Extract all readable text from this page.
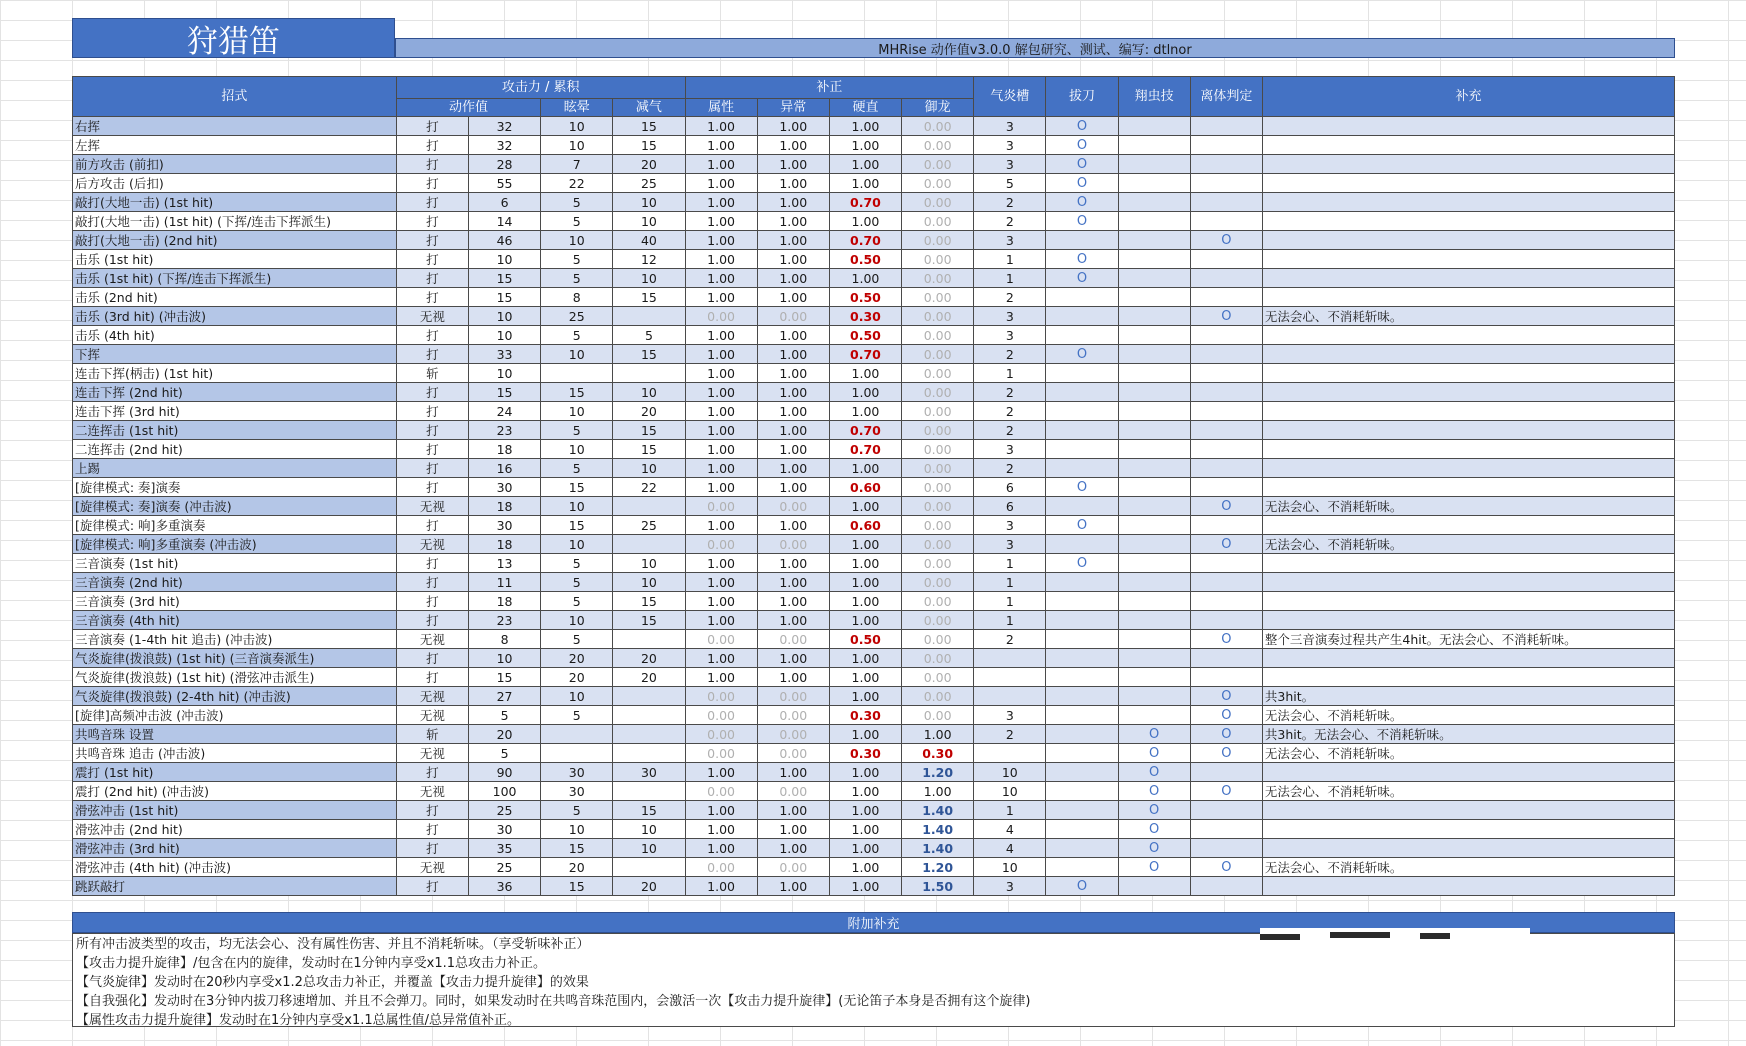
狩猎笛	MHRise 动作值v3.0.0 解包研究、测试、编写: dtlnor
招式	攻击力 / 累积				补正				气炎槽	拔刀	翔虫技	离体判定	补充
	动作值		眩晕	减气	属性	异常	硬直	御龙					
右挥	打	32	10	15	1.00	1.00	1.00	0.00	3	O			
左挥	打	32	10	15	1.00	1.00	1.00	0.00	3	O			
前方攻击 (前扣)	打	28	7	20	1.00	1.00	1.00	0.00	3	O			
后方攻击 (后扣)	打	55	22	25	1.00	1.00	1.00	0.00	5	O			
敲打(大地一击) (1st hit)	打	6	5	10	1.00	1.00	0.70	0.00	2	O			
敲打(大地一击) (1st hit) (下挥/连击下挥派生)	打	14	5	10	1.00	1.00	1.00	0.00	2	O			
敲打(大地一击) (2nd hit)	打	46	10	40	1.00	1.00	0.70	0.00	3			O	
击乐 (1st hit)	打	10	5	12	1.00	1.00	0.50	0.00	1	O			
击乐 (1st hit) (下挥/连击下挥派生)	打	15	5	10	1.00	1.00	1.00	0.00	1	O			
击乐 (2nd hit)	打	15	8	15	1.00	1.00	0.50	0.00	2				
击乐 (3rd hit) (冲击波)	无视	10	25		0.00	0.00	0.30	0.00	3			O	无法会心、不消耗斩味。
击乐 (4th hit)	打	10	5	5	1.00	1.00	0.50	0.00	3				
下挥	打	33	10	15	1.00	1.00	0.70	0.00	2	O			
连击下挥(柄击) (1st hit)	斩	10			1.00	1.00	1.00	0.00	1				
连击下挥 (2nd hit)	打	15	15	10	1.00	1.00	1.00	0.00	2				
连击下挥 (3rd hit)	打	24	10	20	1.00	1.00	1.00	0.00	2				
二连挥击 (1st hit)	打	23	5	15	1.00	1.00	0.70	0.00	2				
二连挥击 (2nd hit)	打	18	10	15	1.00	1.00	0.70	0.00	3				
上踢	打	16	5	10	1.00	1.00	1.00	0.00	2				
[旋律模式: 奏]演奏	打	30	15	22	1.00	1.00	0.60	0.00	6	O			
[旋律模式: 奏]演奏 (冲击波)	无视	18	10		0.00	0.00	1.00	0.00	6			O	无法会心、不消耗斩味。
[旋律模式: 响]多重演奏	打	30	15	25	1.00	1.00	0.60	0.00	3	O			
[旋律模式: 响]多重演奏 (冲击波)	无视	18	10		0.00	0.00	1.00	0.00	3			O	无法会心、不消耗斩味。
三音演奏 (1st hit)	打	13	5	10	1.00	1.00	1.00	0.00	1	O			
三音演奏 (2nd hit)	打	11	5	10	1.00	1.00	1.00	0.00	1				
三音演奏 (3rd hit)	打	18	5	15	1.00	1.00	1.00	0.00	1				
三音演奏 (4th hit)	打	23	10	15	1.00	1.00	1.00	0.00	1				
三音演奏 (1-4th hit 追击) (冲击波)	无视	8	5		0.00	0.00	0.50	0.00	2			O	整个三音演奏过程共产生4hit。无法会心、不消耗斩味。
气炎旋律(拨浪鼓) (1st hit) (三音演奏派生)	打	10	20	20	1.00	1.00	1.00	0.00					
气炎旋律(拨浪鼓) (1st hit) (滑弦冲击派生)	打	15	20	20	1.00	1.00	1.00	0.00					
气炎旋律(拨浪鼓) (2-4th hit) (冲击波)	无视	27	10		0.00	0.00	1.00	0.00				O	共3hit。
[旋律]高频冲击波 (冲击波)	无视	5	5		0.00	0.00	0.30	0.00	3			O	无法会心、不消耗斩味。
共鸣音珠 设置	斩	20			0.00	0.00	1.00	1.00	2		O	O	共3hit。无法会心、不消耗斩味。
共鸣音珠 追击 (冲击波)	无视	5			0.00	0.00	0.30	0.30			O	O	无法会心、不消耗斩味。
震打 (1st hit)	打	90	30	30	1.00	1.00	1.00	1.20	10		O		
震打 (2nd hit) (冲击波)	无视	100	30		0.00	0.00	1.00	1.00	10		O	O	无法会心、不消耗斩味。
滑弦冲击 (1st hit)	打	25	5	15	1.00	1.00	1.00	1.40	1		O		
滑弦冲击 (2nd hit)	打	30	10	10	1.00	1.00	1.00	1.40	4		O		
滑弦冲击 (3rd hit)	打	35	15	10	1.00	1.00	1.00	1.40	4		O		
滑弦冲击 (4th hit) (冲击波)	无视	25	20		0.00	0.00	1.00	1.20	10		O	O	无法会心、不消耗斩味。
跳跃敲打	打	36	15	20	1.00	1.00	1.00	1.50	3	O			
附加补充
所有冲击波类型的攻击，均无法会心、没有属性伤害、并且不消耗斩味。（享受斩味补正）
【攻击力提升旋律】/包含在内的旋律，发动时在1分钟内享受x1.1总攻击力补正。
【气炎旋律】发动时在20秒内享受x1.2总攻击力补正，并覆盖【攻击力提升旋律】的效果
【自我强化】发动时在3分钟内拔刀移速增加、并且不会弹刀。同时，如果发动时在共鸣音珠范围内，会激活一次【攻击力提升旋律】(无论笛子本身是否拥有这个旋律)
【属性攻击力提升旋律】发动时在1分钟内享受x1.1总属性值/总异常值补正。
